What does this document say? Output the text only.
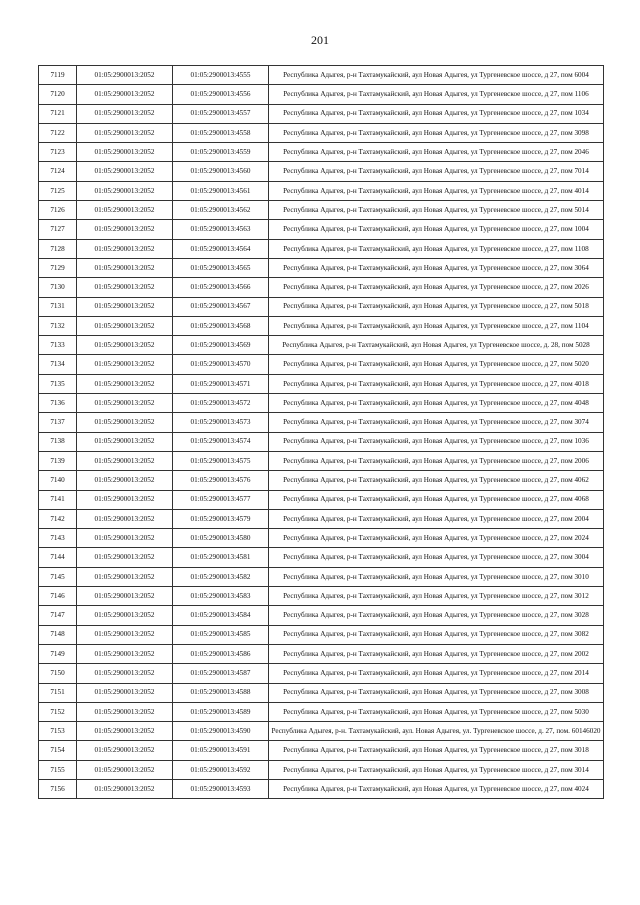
201
7119	01:05:2900013:2052	01:05:2900013:4555	Республика Адыгея, р-н Тахтамукайский, аул Новая Адыгея, ул Тургеневское шоссе, д 27, пом 6004
7120	01:05:2900013:2052	01:05:2900013:4556	Республика Адыгея, р-н Тахтамукайский, аул Новая Адыгея, ул Тургеневское шоссе, д 27, пом 1106
7121	01:05:2900013:2052	01:05:2900013:4557	Республика Адыгея, р-н Тахтамукайский, аул Новая Адыгея, ул Тургеневское шоссе, д 27, пом 1034
7122	01:05:2900013:2052	01:05:2900013:4558	Республика Адыгея, р-н Тахтамукайский, аул Новая Адыгея, ул Тургеневское шоссе, д 27, пом 3098
7123	01:05:2900013:2052	01:05:2900013:4559	Республика Адыгея, р-н Тахтамукайский, аул Новая Адыгея, ул Тургеневское шоссе, д 27, пом 2046
7124	01:05:2900013:2052	01:05:2900013:4560	Республика Адыгея, р-н Тахтамукайский, аул Новая Адыгея, ул Тургеневское шоссе, д 27, пом 7014
7125	01:05:2900013:2052	01:05:2900013:4561	Республика Адыгея, р-н Тахтамукайский, аул Новая Адыгея, ул Тургеневское шоссе, д 27, пом 4014
7126	01:05:2900013:2052	01:05:2900013:4562	Республика Адыгея, р-н Тахтамукайский, аул Новая Адыгея, ул Тургеневское шоссе, д 27, пом 5014
7127	01:05:2900013:2052	01:05:2900013:4563	Республика Адыгея, р-н Тахтамукайский, аул Новая Адыгея, ул Тургеневское шоссе, д 27, пом 1004
7128	01:05:2900013:2052	01:05:2900013:4564	Республика Адыгея, р-н Тахтамукайский, аул Новая Адыгея, ул Тургеневское шоссе, д 27, пом 1108
7129	01:05:2900013:2052	01:05:2900013:4565	Республика Адыгея, р-н Тахтамукайский, аул Новая Адыгея, ул Тургеневское шоссе, д 27, пом 3064
7130	01:05:2900013:2052	01:05:2900013:4566	Республика Адыгея, р-н Тахтамукайский, аул Новая Адыгея, ул Тургеневское шоссе, д 27, пом 2026
7131	01:05:2900013:2052	01:05:2900013:4567	Республика Адыгея, р-н Тахтамукайский, аул Новая Адыгея, ул Тургеневское шоссе, д 27, пом 5018
7132	01:05:2900013:2052	01:05:2900013:4568	Республика Адыгея, р-н Тахтамукайский, аул Новая Адыгея, ул Тургеневское шоссе, д 27, пом 1104
7133	01:05:2900013:2052	01:05:2900013:4569	Республика Адыгея, р-н Тахтамукайский, аул Новая Адыгея, ул Тургеневское шоссе, д. 28, пом 5028
7134	01:05:2900013:2052	01:05:2900013:4570	Республика Адыгея, р-н Тахтамукайский, аул Новая Адыгея, ул Тургеневское шоссе, д 27, пом 5020
7135	01:05:2900013:2052	01:05:2900013:4571	Республика Адыгея, р-н Тахтамукайский, аул Новая Адыгея, ул Тургеневское шоссе, д 27, пом 4018
7136	01:05:2900013:2052	01:05:2900013:4572	Республика Адыгея, р-н Тахтамукайский, аул Новая Адыгея, ул Тургеневское шоссе, д 27, пом 4048
7137	01:05:2900013:2052	01:05:2900013:4573	Республика Адыгея, р-н Тахтамукайский, аул Новая Адыгея, ул Тургеневское шоссе, д 27, пом 3074
7138	01:05:2900013:2052	01:05:2900013:4574	Республика Адыгея, р-н Тахтамукайский, аул Новая Адыгея, ул Тургеневское шоссе, д 27, пом 1036
7139	01:05:2900013:2052	01:05:2900013:4575	Республика Адыгея, р-н Тахтамукайский, аул Новая Адыгея, ул Тургеневское шоссе, д 27, пом 2006
7140	01:05:2900013:2052	01:05:2900013:4576	Республика Адыгея, р-н Тахтамукайский, аул Новая Адыгея, ул Тургеневское шоссе, д 27, пом 4062
7141	01:05:2900013:2052	01:05:2900013:4577	Республика Адыгея, р-н Тахтамукайский, аул Новая Адыгея, ул Тургеневское шоссе, д 27, пом 4068
7142	01:05:2900013:2052	01:05:2900013:4579	Республика Адыгея, р-н Тахтамукайский, аул Новая Адыгея, ул Тургеневское шоссе, д 27, пом 2004
7143	01:05:2900013:2052	01:05:2900013:4580	Республика Адыгея, р-н Тахтамукайский, аул Новая Адыгея, ул Тургеневское шоссе, д 27, пом 2024
7144	01:05:2900013:2052	01:05:2900013:4581	Республика Адыгея, р-н Тахтамукайский, аул Новая Адыгея, ул Тургеневское шоссе, д 27, пом 3004
7145	01:05:2900013:2052	01:05:2900013:4582	Республика Адыгея, р-н Тахтамукайский, аул Новая Адыгея, ул Тургеневское шоссе, д 27, пом 3010
7146	01:05:2900013:2052	01:05:2900013:4583	Республика Адыгея, р-н Тахтамукайский, аул Новая Адыгея, ул Тургеневское шоссе, д 27, пом 3012
7147	01:05:2900013:2052	01:05:2900013:4584	Республика Адыгея, р-н Тахтамукайский, аул Новая Адыгея, ул Тургеневское шоссе, д 27, пом 3028
7148	01:05:2900013:2052	01:05:2900013:4585	Республика Адыгея, р-н Тахтамукайский, аул Новая Адыгея, ул Тургеневское шоссе, д 27, пом 3082
7149	01:05:2900013:2052	01:05:2900013:4586	Республика Адыгея, р-н Тахтамукайский, аул Новая Адыгея, ул Тургеневское шоссе, д 27, пом 2002
7150	01:05:2900013:2052	01:05:2900013:4587	Республика Адыгея, р-н Тахтамукайский, аул Новая Адыгея, ул Тургеневское шоссе, д 27, пом 2014
7151	01:05:2900013:2052	01:05:2900013:4588	Республика Адыгея, р-н Тахтамукайский, аул Новая Адыгея, ул Тургеневское шоссе, д 27, пом 3008
7152	01:05:2900013:2052	01:05:2900013:4589	Республика Адыгея, р-н Тахтамукайский, аул Новая Адыгея, ул Тургеневское шоссе, д 27, пом 5030
7153	01:05:2900013:2052	01:05:2900013:4590	Республика Адыгея, р-н. Тахтамукайский, аул. Новая Адыгея, ул. Тургеневское шоссе, д. 27, пом. 60146020
7154	01:05:2900013:2052	01:05:2900013:4591	Республика Адыгея, р-н Тахтамукайский, аул Новая Адыгея, ул Тургеневское шоссе, д 27, пом 3018
7155	01:05:2900013:2052	01:05:2900013:4592	Республика Адыгея, р-н Тахтамукайский, аул Новая Адыгея, ул Тургеневское шоссе, д 27, пом 3014
7156	01:05:2900013:2052	01:05:2900013:4593	Республика Адыгея, р-н Тахтамукайский, аул Новая Адыгея, ул Тургеневское шоссе, д 27, пом 4024
